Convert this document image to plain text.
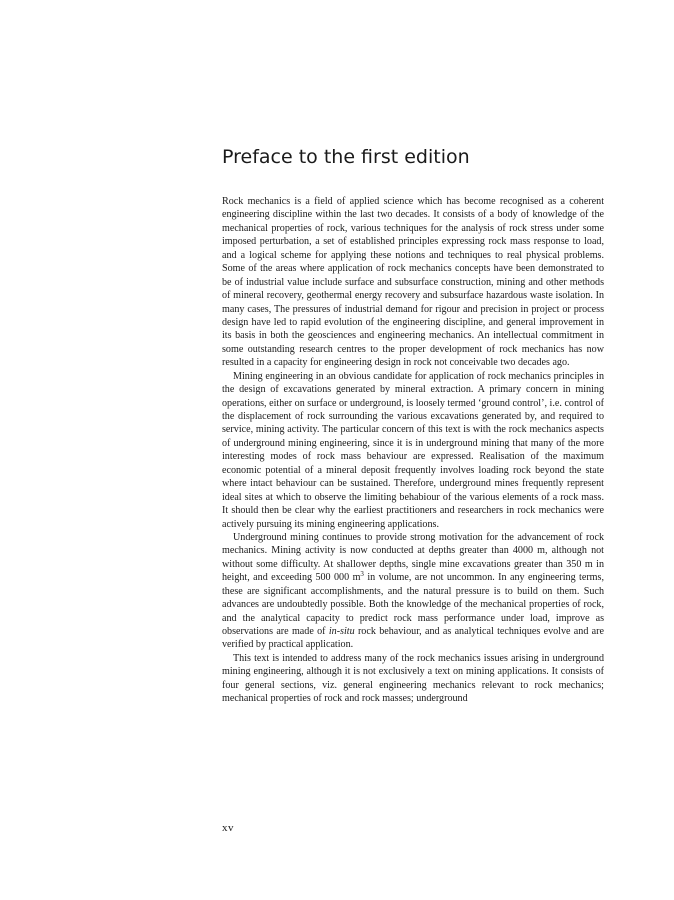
Preface to the first edition

Rock mechanics is a field of applied science which has become recognised as a coherent engineering discipline within the last two decades. It consists of a body of knowledge of the mechanical properties of rock, various techniques for the analysis of rock stress under some imposed perturbation, a set of established principles expressing rock mass response to load, and a logical scheme for applying these notions and techniques to real physical problems. Some of the areas where application of rock mechanics concepts have been demonstrated to be of industrial value include surface and subsurface construction, mining and other methods of mineral recovery, geothermal energy recovery and subsurface hazardous waste isolation. In many cases, The pressures of industrial demand for rigour and precision in project or process design have led to rapid evolution of the engineering discipline, and general improvement in its basis in both the geosciences and engineering mechanics. An intellectual commitment in some outstanding research centres to the proper development of rock mechanics has now resulted in a capacity for engineering design in rock not conceivable two decades ago.

Mining engineering in an obvious candidate for application of rock mechanics principles in the design of excavations generated by mineral extraction. A primary concern in mining operations, either on surface or underground, is loosely termed ‘ground control’, i.e. control of the displacement of rock surrounding the various excavations generated by, and required to service, mining activity. The particular concern of this text is with the rock mechanics aspects of underground mining engineering, since it is in underground mining that many of the more interesting modes of rock mass behaviour are expressed. Realisation of the maximum economic potential of a mineral deposit frequently involves loading rock beyond the state where intact behaviour can be sustained. Therefore, underground mines frequently represent ideal sites at which to observe the limiting behabiour of the various elements of a rock mass. It should then be clear why the earliest practitioners and researchers in rock mechanics were actively pursuing its mining engineering applications.

Underground mining continues to provide strong motivation for the advancement of rock mechanics. Mining activity is now conducted at depths greater than 4000 m, although not without some difficulty. At shallower depths, single mine excavations greater than 350 m in height, and exceeding 500 000 $m^3$ in volume, are not uncommon. In any engineering terms, these are significant accomplishments, and the natural pressure is to build on them. Such advances are undoubtedly possible. Both the knowledge of the mechanical properties of rock, and the analytical capacity to predict rock mass performance under load, improve as observations are made of in-situ rock behaviour, and as analytical techniques evolve and are verified by practical application.

This text is intended to address many of the rock mechanics issues arising in underground mining engineering, although it is not exclusively a text on mining applications. It consists of four general sections, viz. general engineering mechanics relevant to rock mechanics; mechanical properties of rock and rock masses; underground

xv
